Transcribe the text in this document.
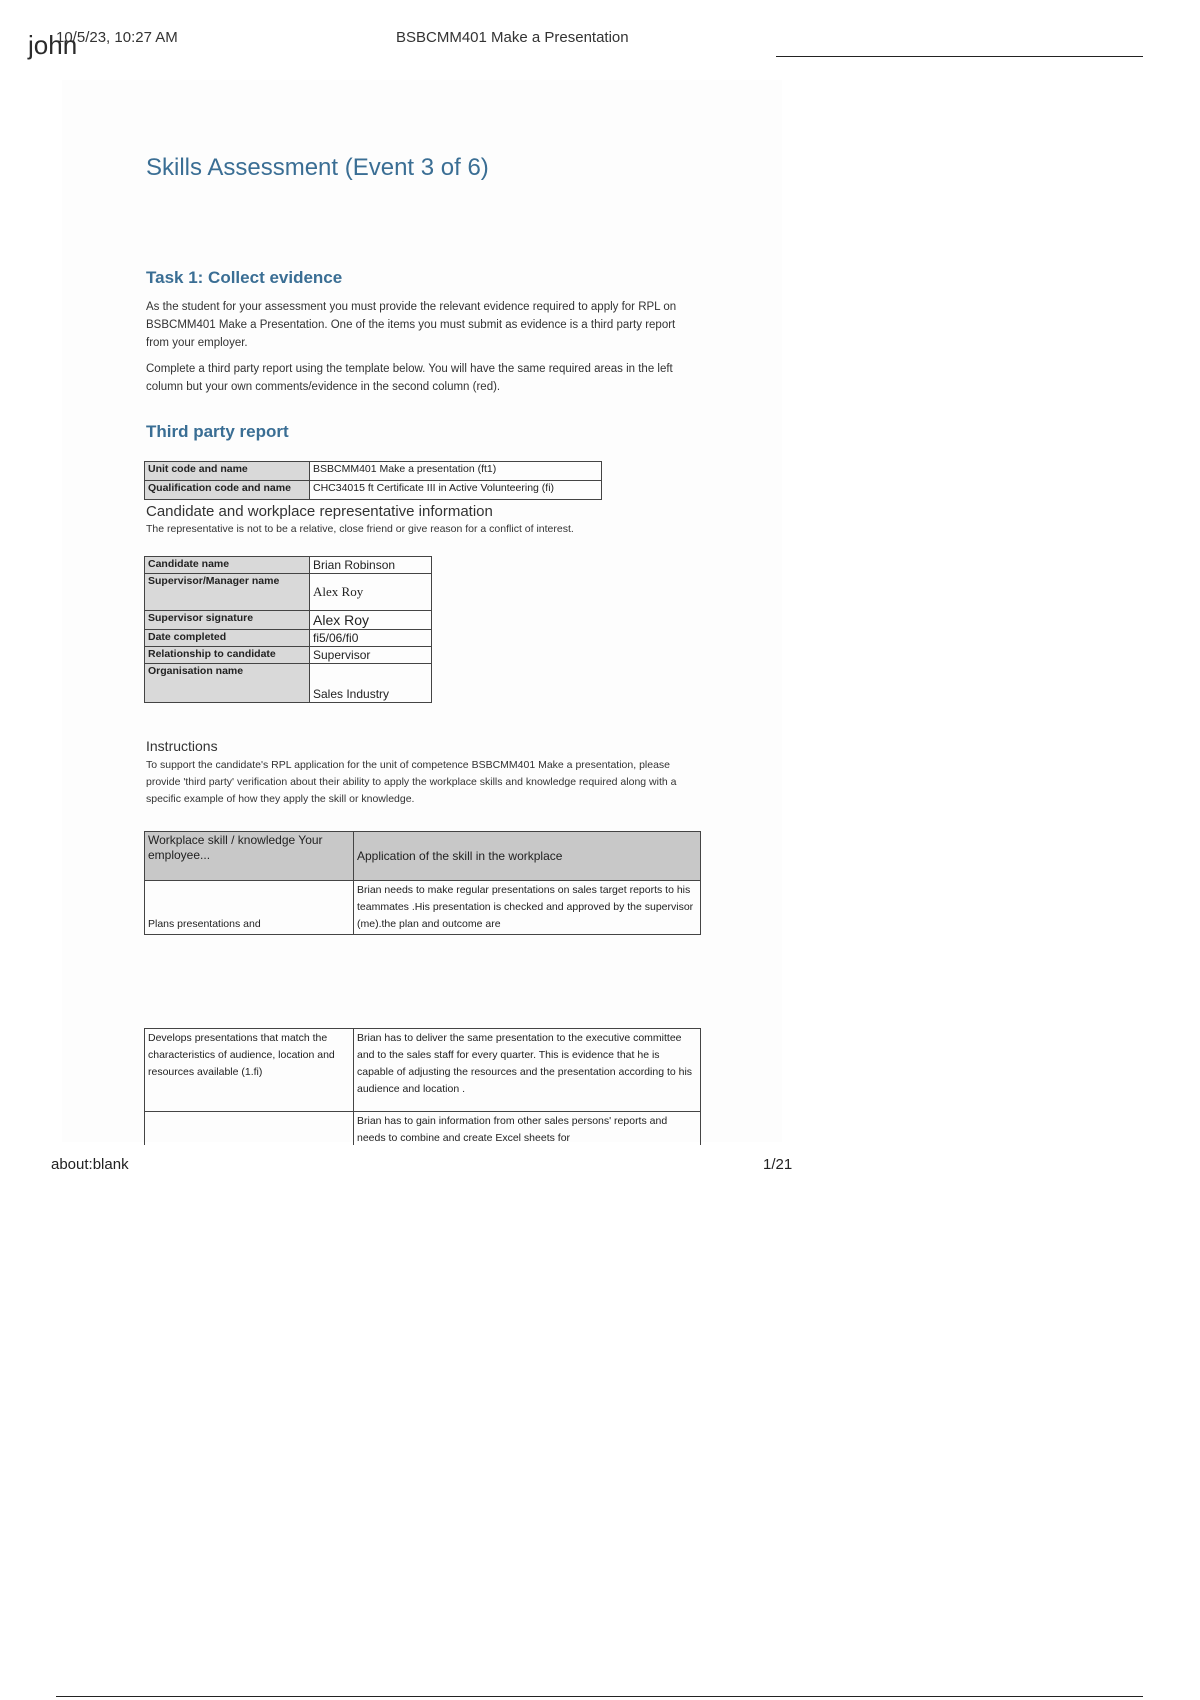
10/5/23, 10:27 AM
john	BSBCMM401 Make a Presentation
Skills Assessment (Event 3 of 6)
Task 1: Collect evidence
As the student for your assessment you must provide the relevant evidence required to apply for RPL on BSBCMM401 Make a Presentation. One of the items you must submit as evidence is a third party report from your employer.
Complete a third party report using the template below. You will have the same required areas in the left column but your own comments/evidence in the second column (red).
Third party report
Unit code and name	BSBCMM401 Make a presentation (ft1)
Qualification code and name	CHC34015 ft Certificate III in Active Volunteering (fi)
Candidate and workplace representative information
The representative is not to be a relative, close friend or give reason for a conflict of interest.
Candidate name	Brian Robinson
Supervisor/Manager name	Alex Roy
Supervisor signature	Alex Roy
Date completed	fi5/06/fi0
Relationship to candidate	Supervisor
Organisation name	Sales Industry
Instructions
To support the candidate's RPL application for the unit of competence BSBCMM401 Make a presentation, please provide 'third party' verification about their ability to apply the workplace skills and knowledge required along with a specific example of how they apply the skill or knowledge.
Workplace skill / knowledge Your employee...	Application of the skill in the workplace
Plans presentations and	Brian needs to make regular presentations on sales target reports to his teammates .His presentation is checked and approved by the supervisor (me).the plan and outcome are
Develops presentations that match the characteristics of audience, location and resources available (1.fi)	Brian has to deliver the same presentation to the executive committee and to the sales staff for every quarter. This is evidence that he is capable of adjusting the resources and the presentation according to his audience and location .
	Brian has to gain information from other sales persons' reports and needs to combine and create Excel sheets for
about:blank	1/21
